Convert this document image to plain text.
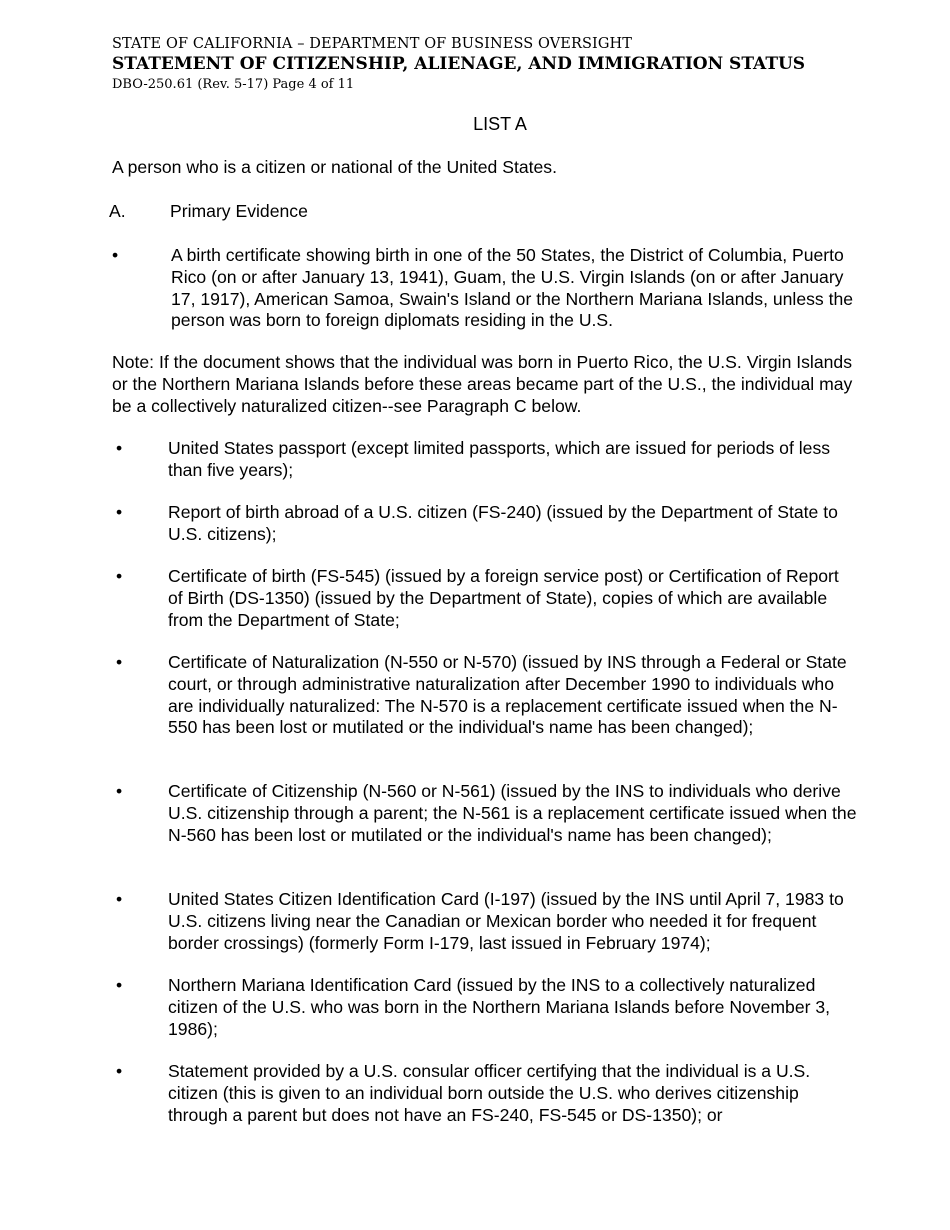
STATE OF CALIFORNIA – DEPARTMENT OF BUSINESS OVERSIGHT
STATEMENT OF CITIZENSHIP, ALIENAGE, AND IMMIGRATION STATUS
DBO-250.61 (Rev. 5-17) Page 4 of 11
LIST A
A person who is a citizen or national of the United States.
A.	Primary Evidence
•	A birth certificate showing birth in one of the 50 States, the District of Columbia, Puerto Rico (on or after January 13, 1941), Guam, the U.S. Virgin Islands (on or after January 17, 1917), American Samoa, Swain's Island or the Northern Mariana Islands, unless the person was born to foreign diplomats residing in the U.S.
Note: If the document shows that the individual was born in Puerto Rico, the U.S. Virgin Islands or the Northern Mariana Islands before these areas became part of the U.S., the individual may be a collectively naturalized citizen--see Paragraph C below.
•	United States passport (except limited passports, which are issued for periods of less than five years);
•	Report of birth abroad of a U.S. citizen (FS-240) (issued by the Department of State to U.S. citizens);
•	Certificate of birth (FS-545) (issued by a foreign service post) or Certification of Report of Birth (DS-1350) (issued by the Department of State), copies of which are available from the Department of State;
•	Certificate of Naturalization (N-550 or N-570) (issued by INS through a Federal or State court, or through administrative naturalization after December 1990 to individuals who are individually naturalized: The N-570 is a replacement certificate issued when the N-550 has been lost or mutilated or the individual's name has been changed);
•	Certificate of Citizenship (N-560 or N-561) (issued by the INS to individuals who derive U.S. citizenship through a parent; the N-561 is a replacement certificate issued when the N-560 has been lost or mutilated or the individual's name has been changed);
•	United States Citizen Identification Card (I-197) (issued by the INS until April 7, 1983 to U.S. citizens living near the Canadian or Mexican border who needed it for frequent border crossings) (formerly Form I-179, last issued in February 1974);
•	Northern Mariana Identification Card (issued by the INS to a collectively naturalized citizen of the U.S. who was born in the Northern Mariana Islands before November 3, 1986);
•	Statement provided by a U.S. consular officer certifying that the individual is a U.S. citizen (this is given to an individual born outside the U.S. who derives citizenship through a parent but does not have an FS-240, FS-545 or DS-1350); or
